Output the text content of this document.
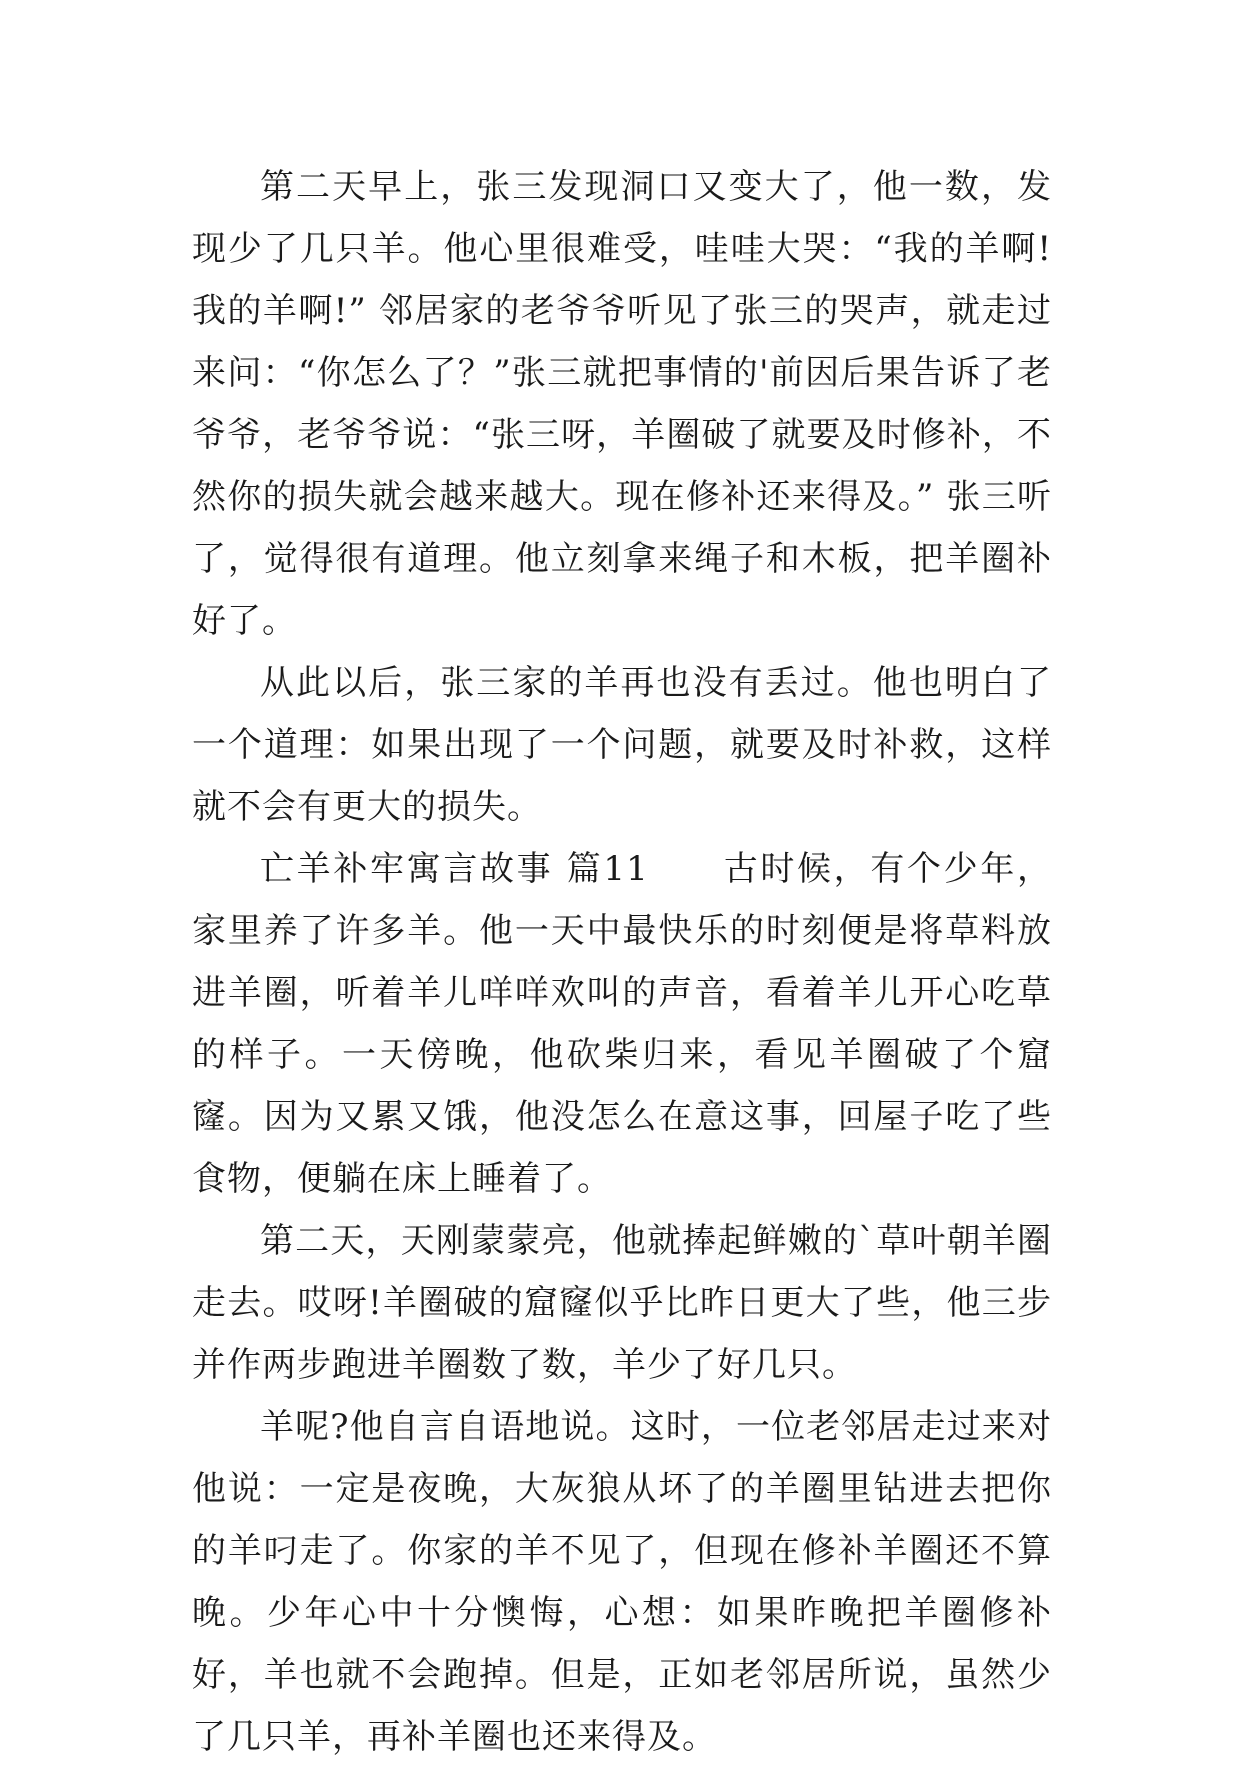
第二天早上，张三发现洞口又变大了，他一数，发现少了几只羊。他心里很难受，哇哇大哭：“我的羊啊!我的羊啊!” 邻居家的老爷爷听见了张三的哭声，就走过来问：“你怎么了？”张三就把事情的'前因后果告诉了老爷爷，老爷爷说：“张三呀，羊圈破了就要及时修补，不然你的损失就会越来越大。现在修补还来得及。” 张三听了，觉得很有道理。他立刻拿来绳子和木板，把羊圈补好了。

从此以后，张三家的羊再也没有丢过。他也明白了一个道理：如果出现了一个问题，就要及时补救，这样就不会有更大的损失。

亡羊补牢寓言故事 篇11　　古时候，有个少年，家里养了许多羊。他一天中最快乐的时刻便是将草料放进羊圈，听着羊儿咩咩欢叫的声音，看着羊儿开心吃草的样子。一天傍晚，他砍柴归来，看见羊圈破了个窟窿。因为又累又饿，他没怎么在意这事，回屋子吃了些食物，便躺在床上睡着了。

第二天，天刚蒙蒙亮，他就捧起鲜嫩的`草叶朝羊圈走去。哎呀!羊圈破的窟窿似乎比昨日更大了些，他三步并作两步跑进羊圈数了数，羊少了好几只。

羊呢?他自言自语地说。这时，一位老邻居走过来对他说：一定是夜晚，大灰狼从坏了的羊圈里钻进去把你的羊叼走了。你家的羊不见了，但现在修补羊圈还不算晚。少年心中十分懊悔，心想：如果昨晚把羊圈修补好，羊也就不会跑掉。但是，正如老邻居所说，虽然少了几只羊，再补羊圈也还来得及。
